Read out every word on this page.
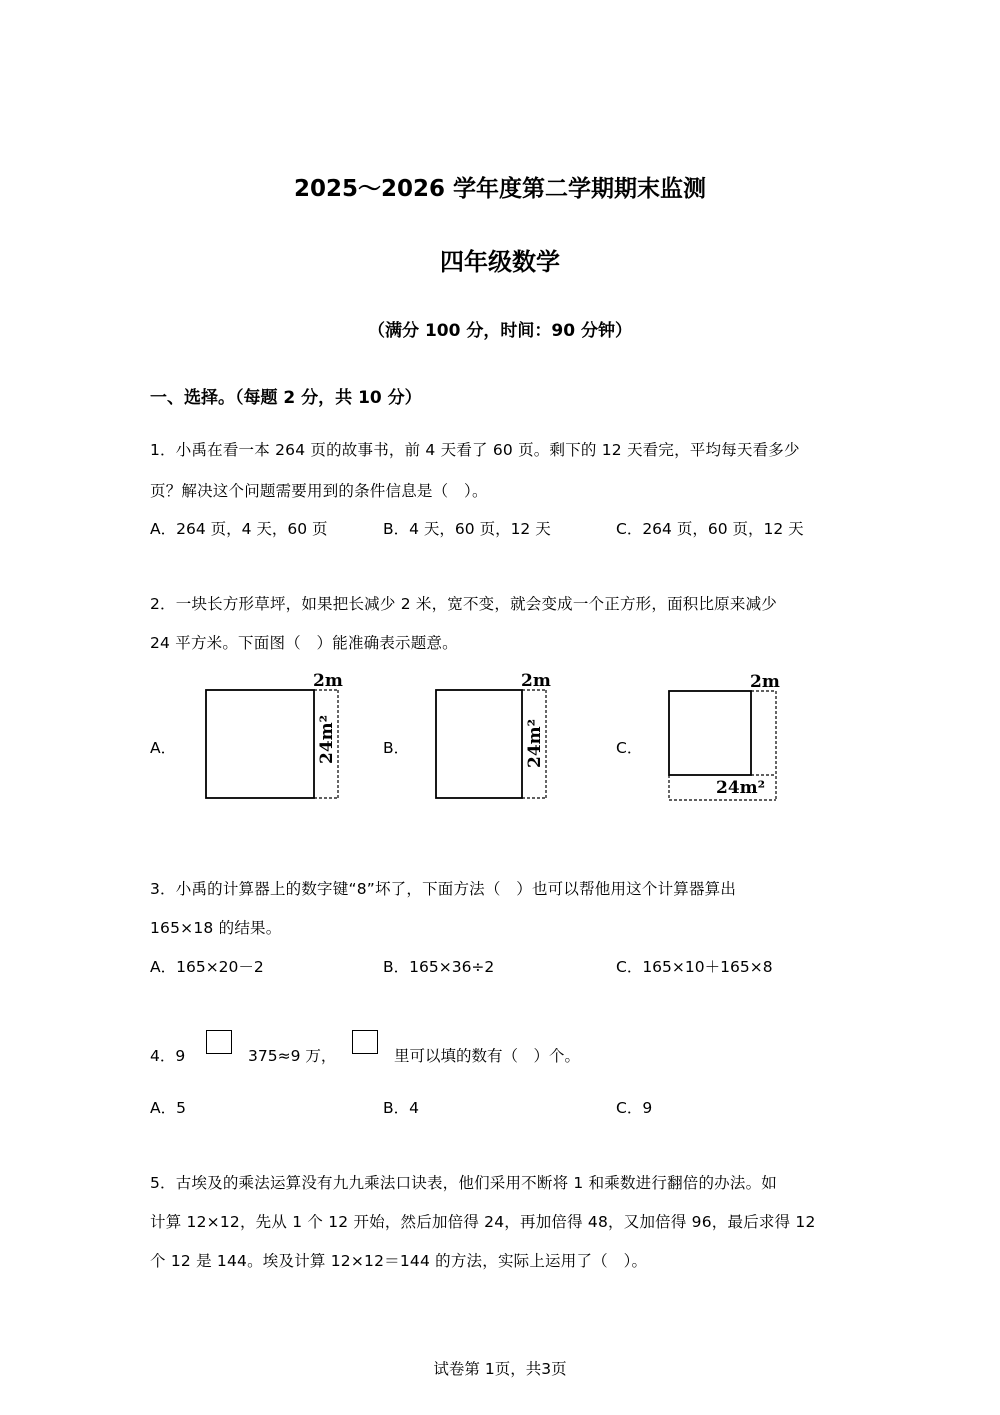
2025～2026 学年度第二学期期末监测
四年级数学
（满分 100 分，时间：90 分钟）
一、选择。（每题 2 分，共 10 分）
1．小禹在看一本 264 页的故事书，前 4 天看了 60 页。剩下的 12 天看完，平均每天看多少
页？解决这个问题需要用到的条件信息是（　）。
A．264 页，4 天，60 页	B．4 天，60 页，12 天	C．264 页，60 页，12 天
2．一块长方形草坪，如果把长减少 2 米，宽不变，就会变成一个正方形，面积比原来减少
24 平方米。下面图（　）能准确表示题意。
A．	B．	C．
2m
24m²
2m
24m²
2m
24m²
3．小禹的计算器上的数字键“8”坏了，下面方法（　）也可以帮他用这个计算器算出
165×18 的结果。
A．165×20－2	B．165×36÷2	C．165×10＋165×8
4．9	375≈9 万，	里可以填的数有（　）个。
A．5	B．4	C．9
5．古埃及的乘法运算没有九九乘法口诀表，他们采用不断将 1 和乘数进行翻倍的办法。如
计算 12×12，先从 1 个 12 开始，然后加倍得 24，再加倍得 48，又加倍得 96，最后求得 12
个 12 是 144。埃及计算 12×12＝144 的方法，实际上运用了（　）。
试卷第 1页，共3页
